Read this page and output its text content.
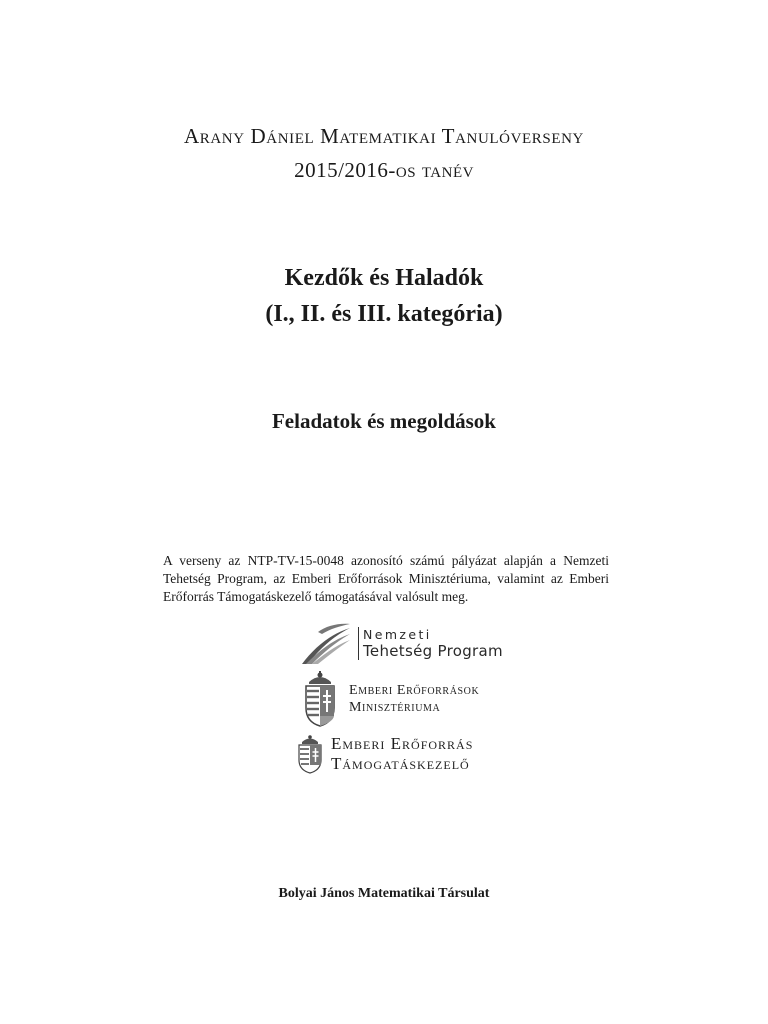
Arany Dániel Matematikai Tanulóverseny
2015/2016-os tanév
Kezdők és Haladók
(I., II. és III. kategória)
Feladatok és megoldások
A verseny az NTP-TV-15-0048 azonosító számú pályázat alapján a Nemzeti Tehetség Program, az Emberi Erőforrások Minisztériuma, valamint az Emberi Erőforrás Támogatáskezelő támogatásával valósult meg.
Nemzeti
Tehetség Program
Emberi Erőforrások
Minisztériuma
Emberi Erőforrás
Támogatáskezelő
Bolyai János Matematikai Társulat
